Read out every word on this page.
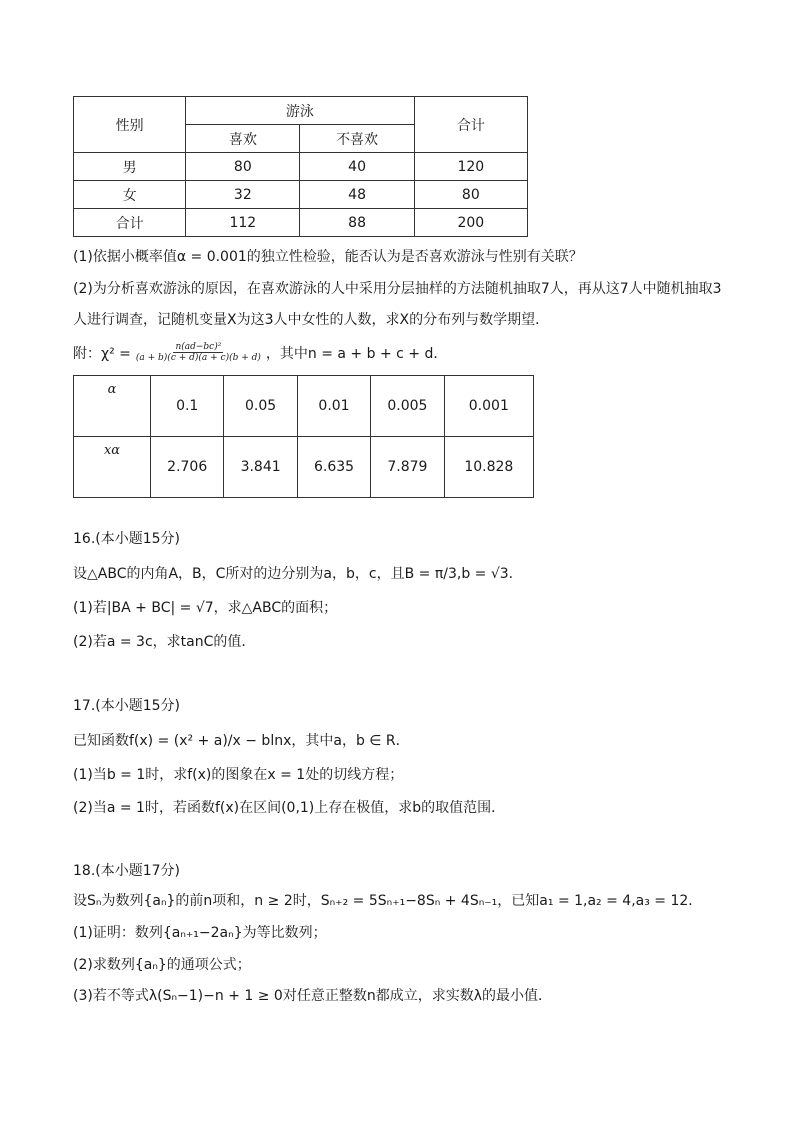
性别	游泳		合计
	喜欢	不喜欢	
男	80	40	120
女	32	48	80
合计	112	88	200
(1)依据小概率值α = 0.001的独立性检验，能否认为是否喜欢游泳与性别有关联？
(2)为分析喜欢游泳的原因，在喜欢游泳的人中采用分层抽样的方法随机抽取7人，再从这7人中随机抽取3
人进行调查，记随机变量X为这3人中女性的人数，求X的分布列与数学期望．
附：$\chi^2 = \frac{\text{n(ad−bc)²}}{(a + b)(c + d)(a + c)(b + d)}$ ，其中n = a + b + c + d．
α	0.1	0.05	0.01	0.005	0.001
xα	2.706	3.841	6.635	7.879	10.828
16.(本小题15分)
设△ABC的内角A，B，C所对的边分别为a，b，c，且B = π/3,b = √3．
(1)若|BA + BC| = √7，求△ABC的面积；
(2)若a = 3c，求tanC的值．
17.(本小题15分)
已知函数f(x) = (x² + a)/x − blnx，其中a，b ∈ R．
(1)当b = 1时，求f(x)的图象在x = 1处的切线方程；
(2)当a = 1时，若函数f(x)在区间(0,1)上存在极值，求b的取值范围．
18.(本小题17分)
设Sₙ为数列{aₙ}的前n项和，n ≥ 2时，Sₙ₊₂ = 5Sₙ₊₁−8Sₙ + 4Sₙ₋₁，已知a₁ = 1,a₂ = 4,a₃ = 12．
(1)证明：数列{aₙ₊₁−2aₙ}为等比数列；
(2)求数列{aₙ}的通项公式；
(3)若不等式λ(Sₙ−1)−n + 1 ≥ 0对任意正整数n都成立，求实数λ的最小值．
